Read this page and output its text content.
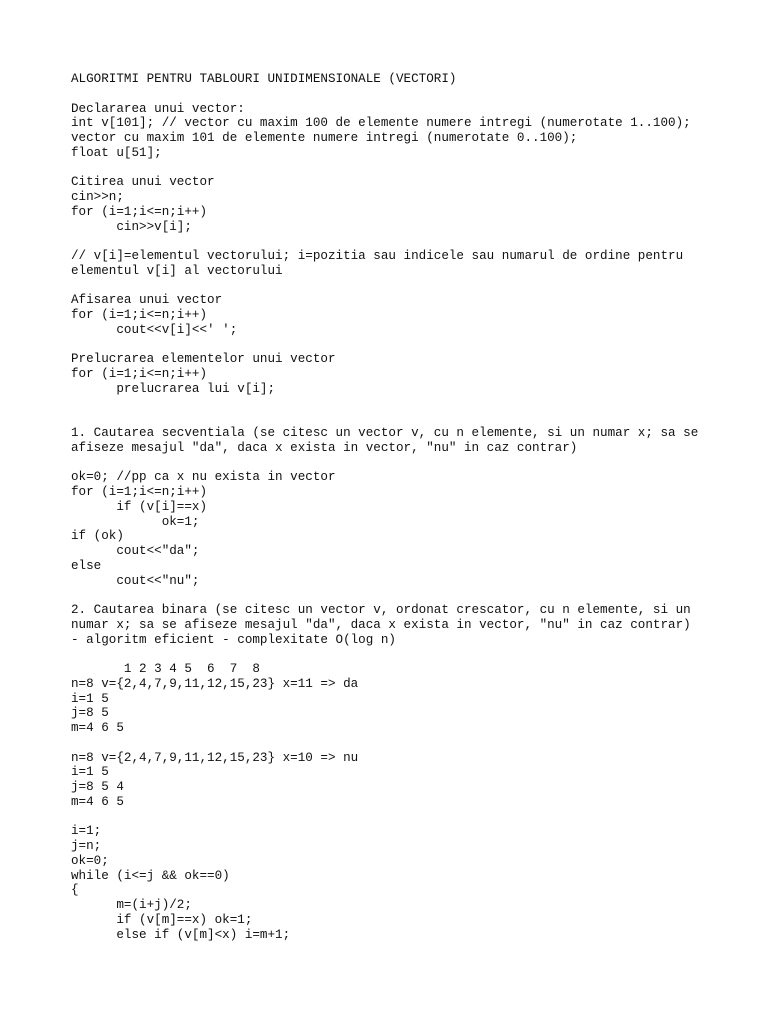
ALGORITMI PENTRU TABLOURI UNIDIMENSIONALE (VECTORI)
Declararea unui vector:
int v[101]; // vector cu maxim 100 de elemente numere intregi (numerotate 1..100);
vector cu maxim 101 de elemente numere intregi (numerotate 0..100);
float u[51];
Citirea unui vector
cin>>n;
for (i=1;i<=n;i++)
cin>>v[i];
// v[i]=elementul vectorului; i=pozitia sau indicele sau numarul de ordine pentru
elementul v[i] al vectorului
Afisarea unui vector
for (i=1;i<=n;i++)
cout<<v[i]<<' ';
Prelucrarea elementelor unui vector
for (i=1;i<=n;i++)
prelucrarea lui v[i];
1. Cautarea secventiala (se citesc un vector v, cu n elemente, si un numar x; sa se
afiseze mesajul "da", daca x exista in vector, "nu" in caz contrar)
ok=0; //pp ca x nu exista in vector
for (i=1;i<=n;i++)
if (v[i]==x)
ok=1;
if (ok)
cout<<"da";
else
cout<<"nu";
2. Cautarea binara (se citesc un vector v, ordonat crescator, cu n elemente, si un
numar x; sa se afiseze mesajul "da", daca x exista in vector, "nu" in caz contrar)
- algoritm eficient - complexitate O(log n)
1 2 3 4 5  6  7  8
n=8 v={2,4,7,9,11,12,15,23} x=11 => da
i=1 5
j=8 5
m=4 6 5
n=8 v={2,4,7,9,11,12,15,23} x=10 => nu
i=1 5
j=8 5 4
m=4 6 5
i=1;
j=n;
ok=0;
while (i<=j && ok==0)
{
m=(i+j)/2;
if (v[m]==x) ok=1;
else if (v[m]<x) i=m+1;
